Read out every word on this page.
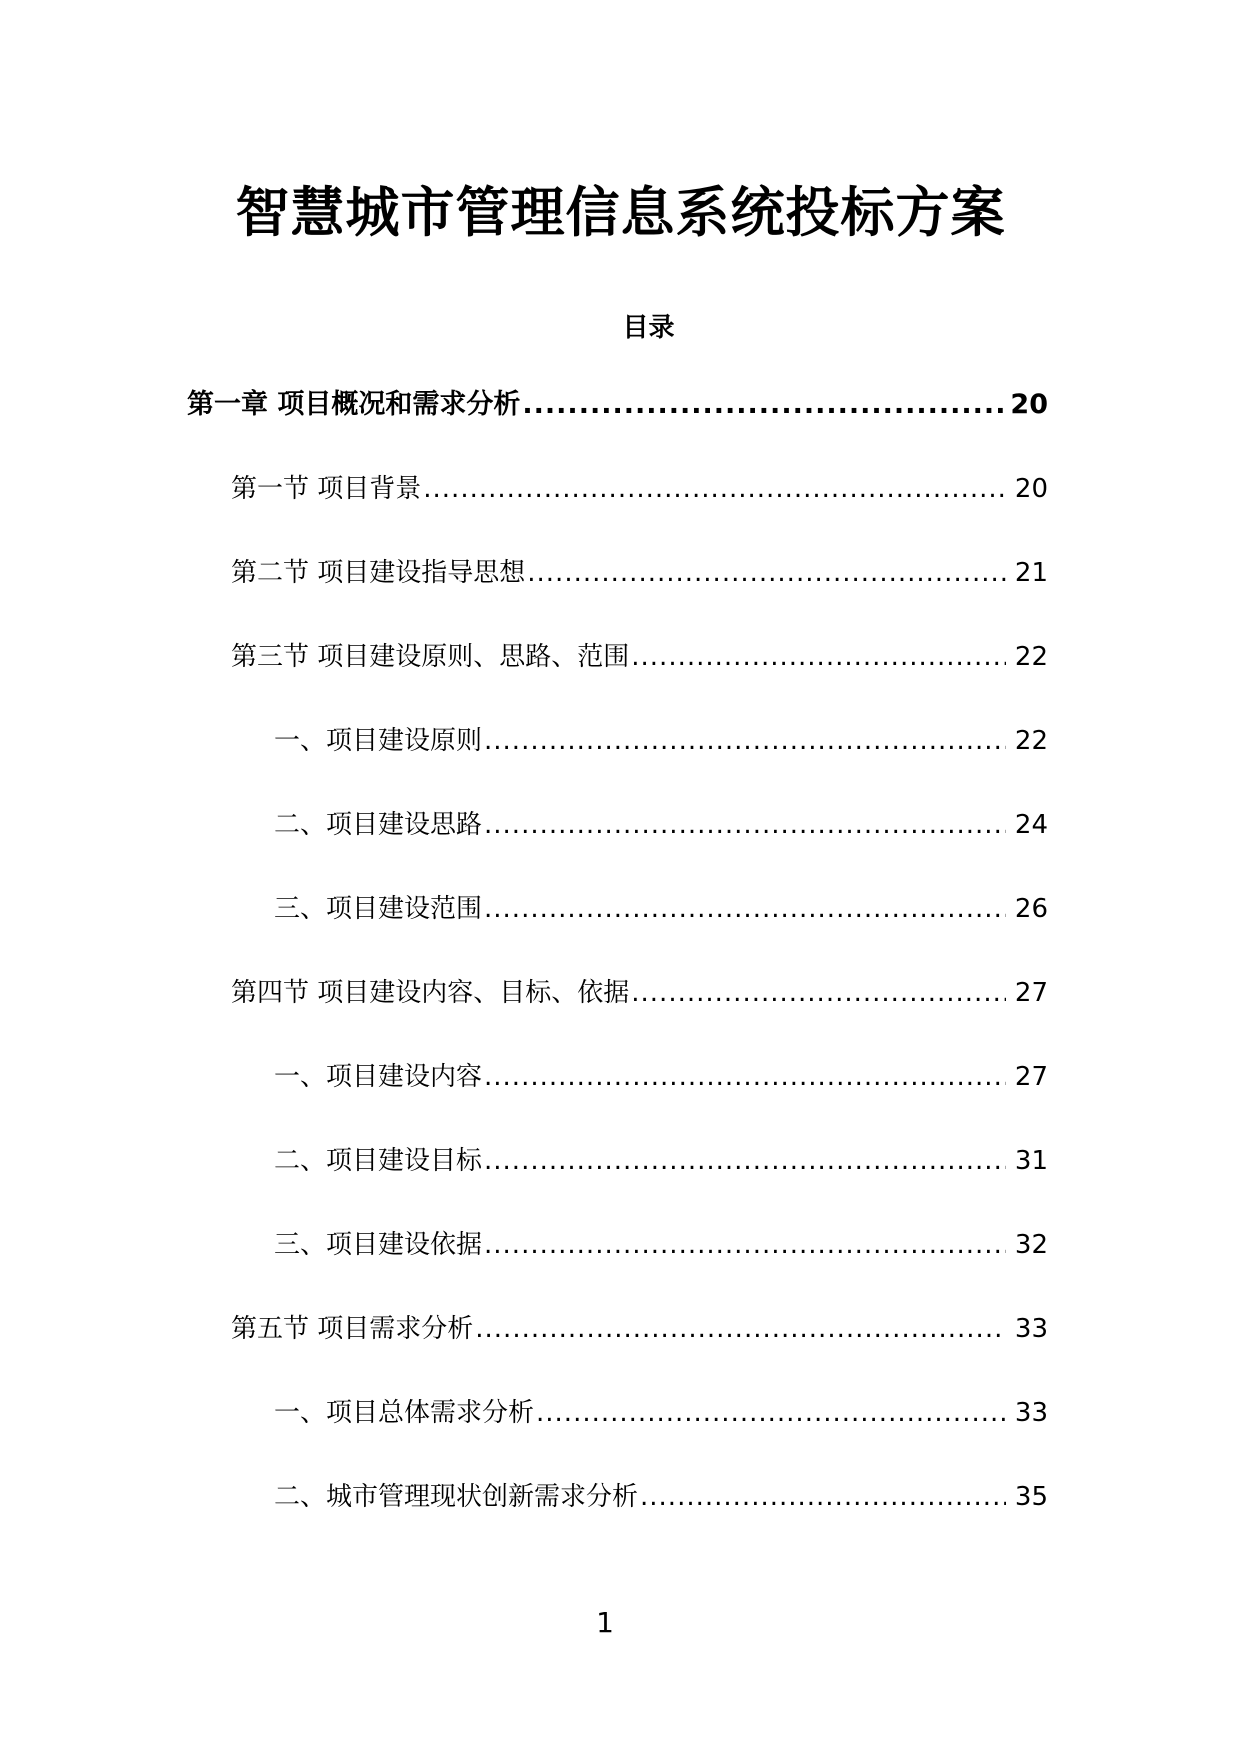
智慧城市管理信息系统投标方案
目录
第一章 项目概况和需求分析 .....	20
第一节 项目背景 .....	20
第二节 项目建设指导思想 .....	21
第三节 项目建设原则、思路、范围 .....	22
一、项目建设原则 .....	22
二、项目建设思路 .....	24
三、项目建设范围 .....	26
第四节 项目建设内容、目标、依据 .....	27
一、项目建设内容 .....	27
二、项目建设目标 .....	31
三、项目建设依据 .....	32
第五节 项目需求分析 .....	33
一、项目总体需求分析 .....	33
二、城市管理现状创新需求分析 .....	35
1
